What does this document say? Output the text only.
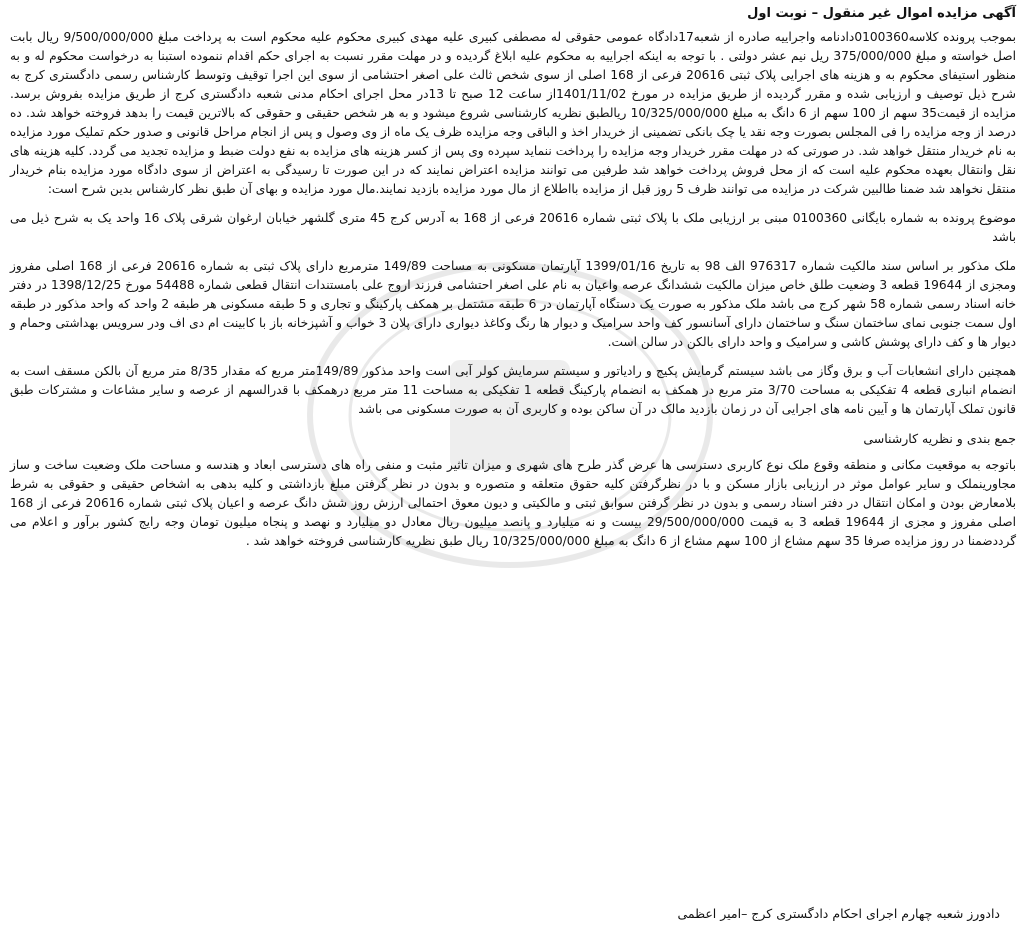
آگهی مزایده اموال غیر منقول – نوبت اول

بموجب پرونده کلاسه0100360دادنامه واجراییه صادره از شعبه17دادگاه عمومی حقوقی له مصطفی کبیری علیه مهدی کبیری محکوم علیه محکوم است به پرداخت مبلغ 9/500/000/000 ریال بابت اصل خواسته و مبلغ 375/000/000 ریل نیم عشر دولتی . با توجه به اینکه اجراییه به محکوم علیه ابلاغ گردیده و در مهلت مقرر نسبت به اجرای حکم اقدام ننموده استبنا به درخواست محکوم له و به منظور استیفای محکوم به و هزینه های اجرایی پلاک ثبتی 20616 فرعی از 168 اصلی از سوی شخص ثالث علی اصغر احتشامی از سوی این اجرا توقیف وتوسط کارشناس رسمی دادگستری کرج به شرح ذیل توصیف و ارزیابی شده و مقرر گردیده از طریق مزایده در مورخ 1401/11/02از ساعت 12 صبح تا 13در محل اجرای احکام مدنی شعبه دادگستری کرج از طریق مزایده بفروش برسد. مزایده از قیمت35 سهم از 100 سهم از 6 دانگ به مبلغ 10/325/000/000 ریالطبق نظریه کارشناسی شروع میشود و به هر شخص حقیقی و حقوقی که بالاترین قیمت را بدهد فروخته خواهد شد. ده درصد از وجه مزایده را فی المجلس بصورت وجه نقد یا چک بانکی تضمینی از خریدار اخذ و الباقی وجه مزایده ظرف یک ماه از وی وصول و پس از انجام مراحل قانونی و صدور حکم تملیک مورد مزایده به نام خریدار منتقل خواهد شد. در صورتی که در مهلت مقرر خریدار وجه مزایده را پرداخت ننماید سپرده وی پس از کسر هزینه های مزایده به نفع دولت ضبط و مزایده تجدید می گردد. کلیه هزینه های نقل وانتقال بعهده محکوم علیه است که از محل فروش پرداخت خواهد شد طرفین می توانند مزایده اعتراض نمایند که در این صورت تا رسیدگی به اعتراض از سوی دادگاه مورد مزایده بنام خریدار منتقل نخواهد شد ضمنا طالبین شرکت در مزایده می توانند ظرف 5 روز قبل از مزایده بااطلاع از مال مورد مزایده بازدید نمایند.مال مورد مزایده و بهای آن طبق نظر کارشناس بدین شرح است:

موضوع پرونده به شماره بایگانی 0100360 مبنی بر ارزیابی ملک با پلاک ثبتی شماره 20616 فرعی از 168 به آدرس کرج 45 متری گلشهر خیابان ارغوان شرقی پلاک 16 واحد یک به شرح ذیل می باشد

ملک مذکور بر اساس سند مالکیت شماره 976317 الف 98 به تاریخ 1399/01/16 آپارتمان مسکونی به مساحت 149/89 مترمربع دارای پلاک ثبتی به شماره 20616 فرعی از 168 اصلی مفروز ومجزی از 19644 قطعه 3 وضعیت طلق خاص میزان مالکیت ششدانگ عرصه واعیان به نام علی اصغر احتشامی فرزند اروج علی بامستندات انتقال قطعی شماره 54488 مورخ 1398/12/25 در دفتر خانه اسناد رسمی شماره 58 شهر کرج می باشد ملک مذکور به صورت یک دستگاه آپارتمان در 6 طبقه مشتمل بر همکف پارکینگ و تجاری و 5 طبقه مسکونی هر طبقه 2 واحد که واحد مذکور در طبقه اول سمت جنوبی نمای ساختمان سنگ و ساختمان دارای آسانسور کف واحد سرامیک و دیوار ها رنگ وکاغذ دیواری دارای پلان 3 خواب و آشپزخانه باز با کابینت ام دی اف ودر سرویس بهداشتی وحمام و دیوار ها و کف دارای پوشش کاشی و سرامیک و واحد دارای بالکن در سالن است.

همچنین دارای انشعابات آب و برق وگاز می باشد سیستم گرمایش پکیج و رادیاتور و سیستم سرمایش کولر آبی است واحد مذکور 149/89متر مربع که مقدار 8/35 متر مربع آن بالکن مسقف است به انضمام انباری قطعه 4 تفکیکی به مساحت 3/70 متر مربع در همکف به انضمام پارکینگ قطعه 1 تفکیکی به مساحت 11 متر مربع درهمکف با قدرالسهم از عرصه و سایر مشاعات و مشترکات طبق قانون تملک آپارتمان ها و آیین نامه های اجرایی آن در زمان بازدید مالک در آن ساکن بوده و کاربری آن به صورت مسکونی می باشد

جمع بندی و نظریه کارشناسی

باتوجه به موقعیت مکانی و منطقه وقوع ملک نوع کاربری دسترسی ها عرض گذر طرح های شهری و میزان تاثیر مثبت و منفی راه های دسترسی ابعاد و هندسه و مساحت ملک وضعیت ساخت و ساز مجاورینملک و سایر عوامل موثر در ارزیابی بازار مسکن و با در نظرگرفتن کلیه حقوق متعلقه و متصوره و بدون در نظر گرفتن مبلغ بازداشتی و کلیه بدهی به اشخاص حقیقی و حقوقی به شرط بلامعارض بودن و امکان انتقال در دفتر اسناد رسمی و بدون در نظر گرفتن سوابق ثبتی و مالکیتی و دیون معوق احتمالی ارزش روز شش دانگ عرصه و اعیان پلاک ثبتی شماره 20616 فرعی از 168 اصلی مفروز و مجزی از 19644 قطعه 3 به قیمت 29/500/000/000 بیست و نه میلیارد و پانصد میلیون ریال معادل دو میلیارد و نهصد و پنجاه میلیون تومان وجه رایج کشور برآور و اعلام می گرددضمنا در روز مزایده صرفا 35 سهم مشاع از 100 سهم مشاع از 6 دانگ به مبلغ 10/325/000/000 ریال طبق نظریه کارشناسی فروخته خواهد شد .

دادورز شعبه چهارم اجرای احکام دادگستری کرج –امیر اعظمی
